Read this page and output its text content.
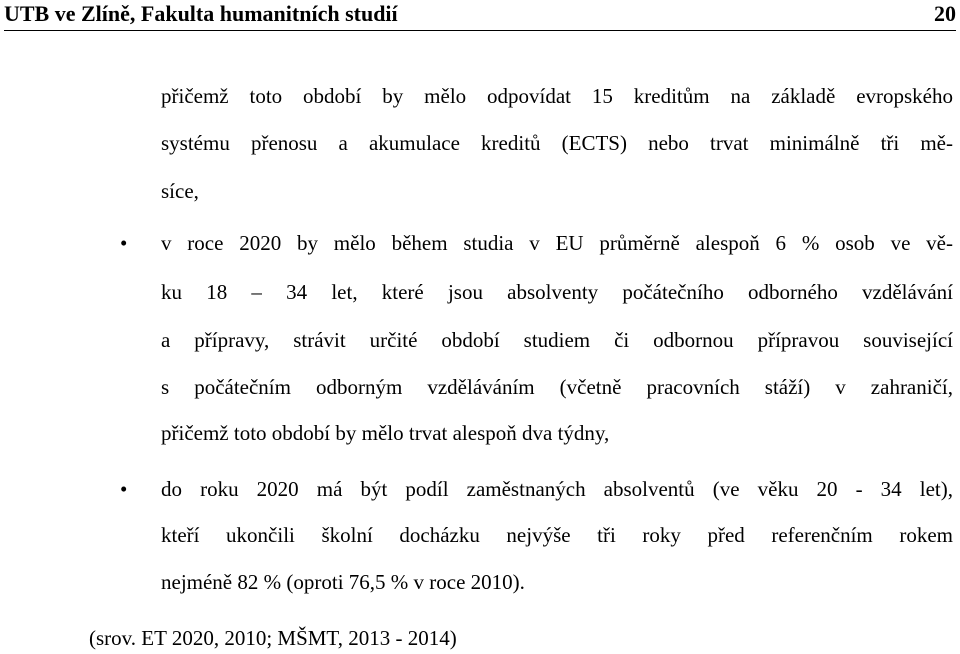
UTB ve Zlíně, Fakulta humanitních studií	20
přičemž toto období by mělo odpovídat 15 kreditům na základě evropského
systému přenosu a akumulace kreditů (ECTS) nebo trvat minimálně tři mě-
síce,
• v roce 2020 by mělo během studia v EU průměrně alespoň 6 % osob ve vě-
ku 18 – 34 let, které jsou absolventy počátečního odborného vzdělávání
a přípravy, strávit určité období studiem či odbornou přípravou související
s počátečním odborným vzděláváním (včetně pracovních stáží) v zahraničí,
přičemž toto období by mělo trvat alespoň dva týdny,
• do roku 2020 má být podíl zaměstnaných absolventů (ve věku 20 - 34 let),
kteří ukončili školní docházku nejvýše tři roky před referenčním rokem
nejméně 82 % (oproti 76,5 % v roce 2010).
(srov. ET 2020, 2010; MŠMT, 2013 - 2014)
